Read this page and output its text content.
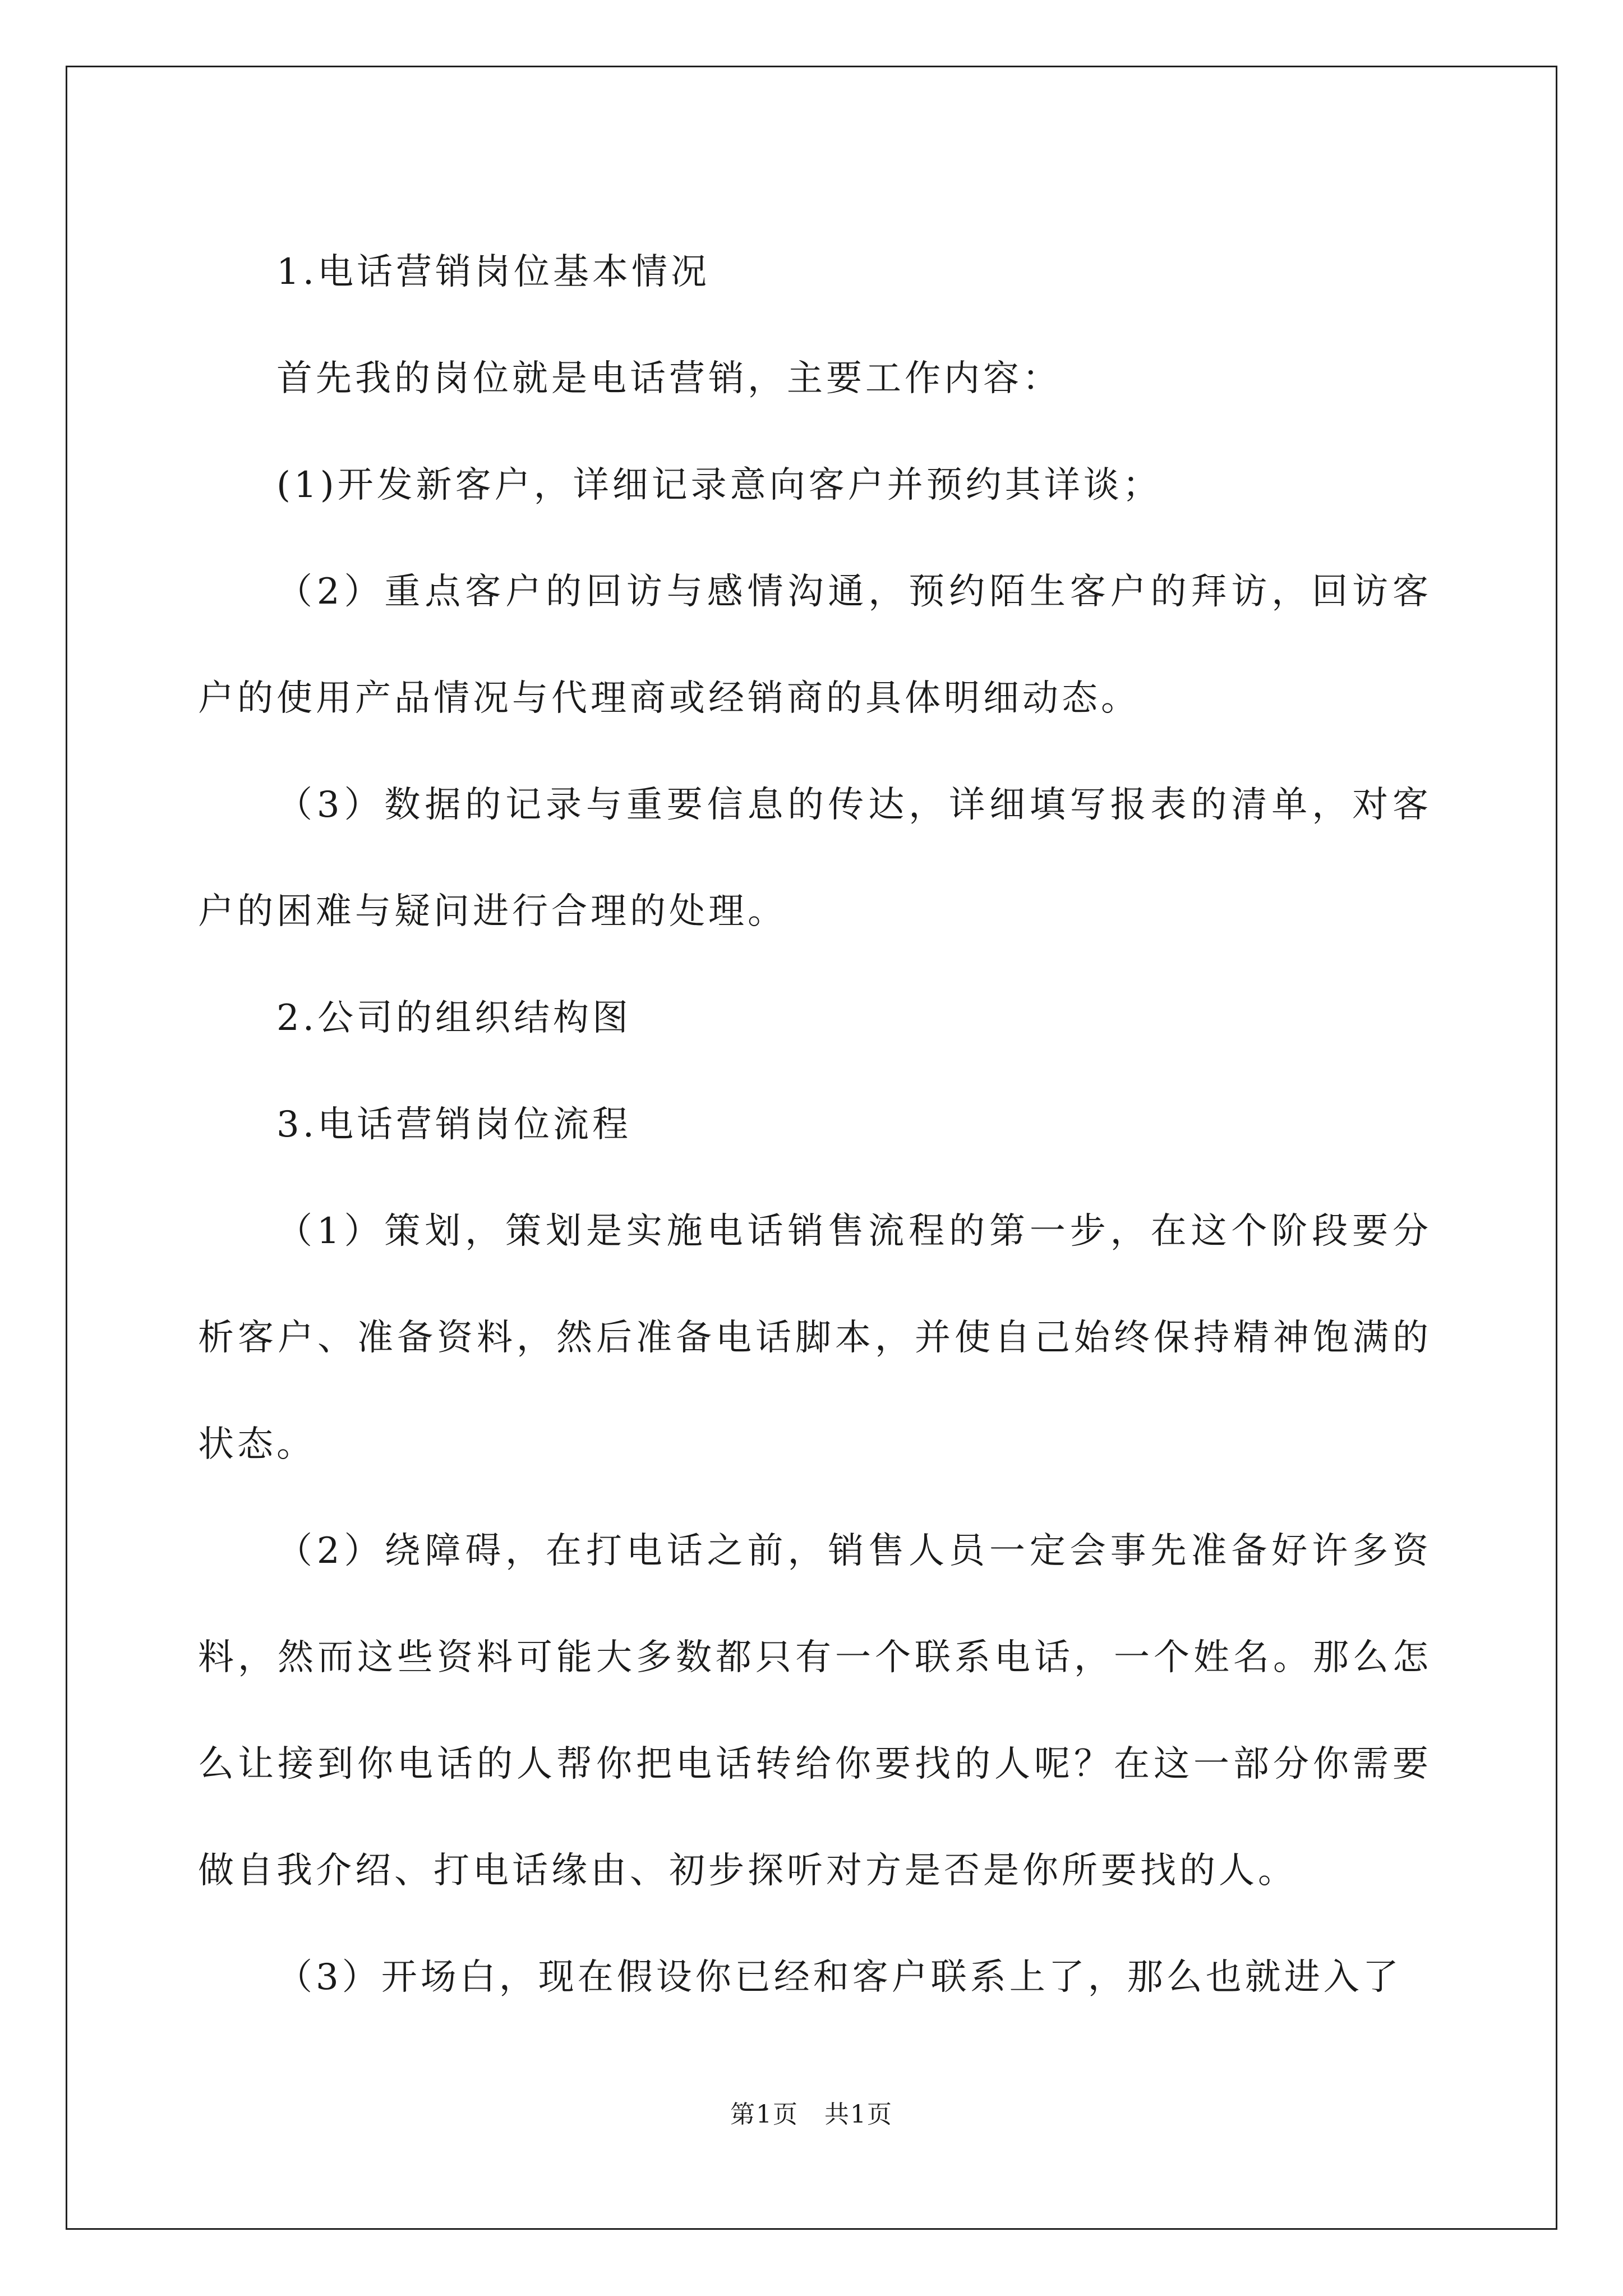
1.电话营销岗位基本情况

首先我的岗位就是电话营销，主要工作内容：

(1)开发新客户，详细记录意向客户并预约其详谈；

（2）重点客户的回访与感情沟通，预约陌生客户的拜访，回访客户的使用产品情况与代理商或经销商的具体明细动态。

（3）数据的记录与重要信息的传达，详细填写报表的清单，对客户的困难与疑问进行合理的处理。

2.公司的组织结构图

3.电话营销岗位流程

（1）策划，策划是实施电话销售流程的第一步，在这个阶段要分析客户、准备资料，然后准备电话脚本，并使自己始终保持精神饱满的状态。

（2）绕障碍，在打电话之前，销售人员一定会事先准备好许多资料，然而这些资料可能大多数都只有一个联系电话，一个姓名。那么怎么让接到你电话的人帮你把电话转给你要找的人呢？在这一部分你需要做自我介绍、打电话缘由、初步探听对方是否是你所要找的人。

（3）开场白，现在假设你已经和客户联系上了，那么也就进入了

第1页　共1页
